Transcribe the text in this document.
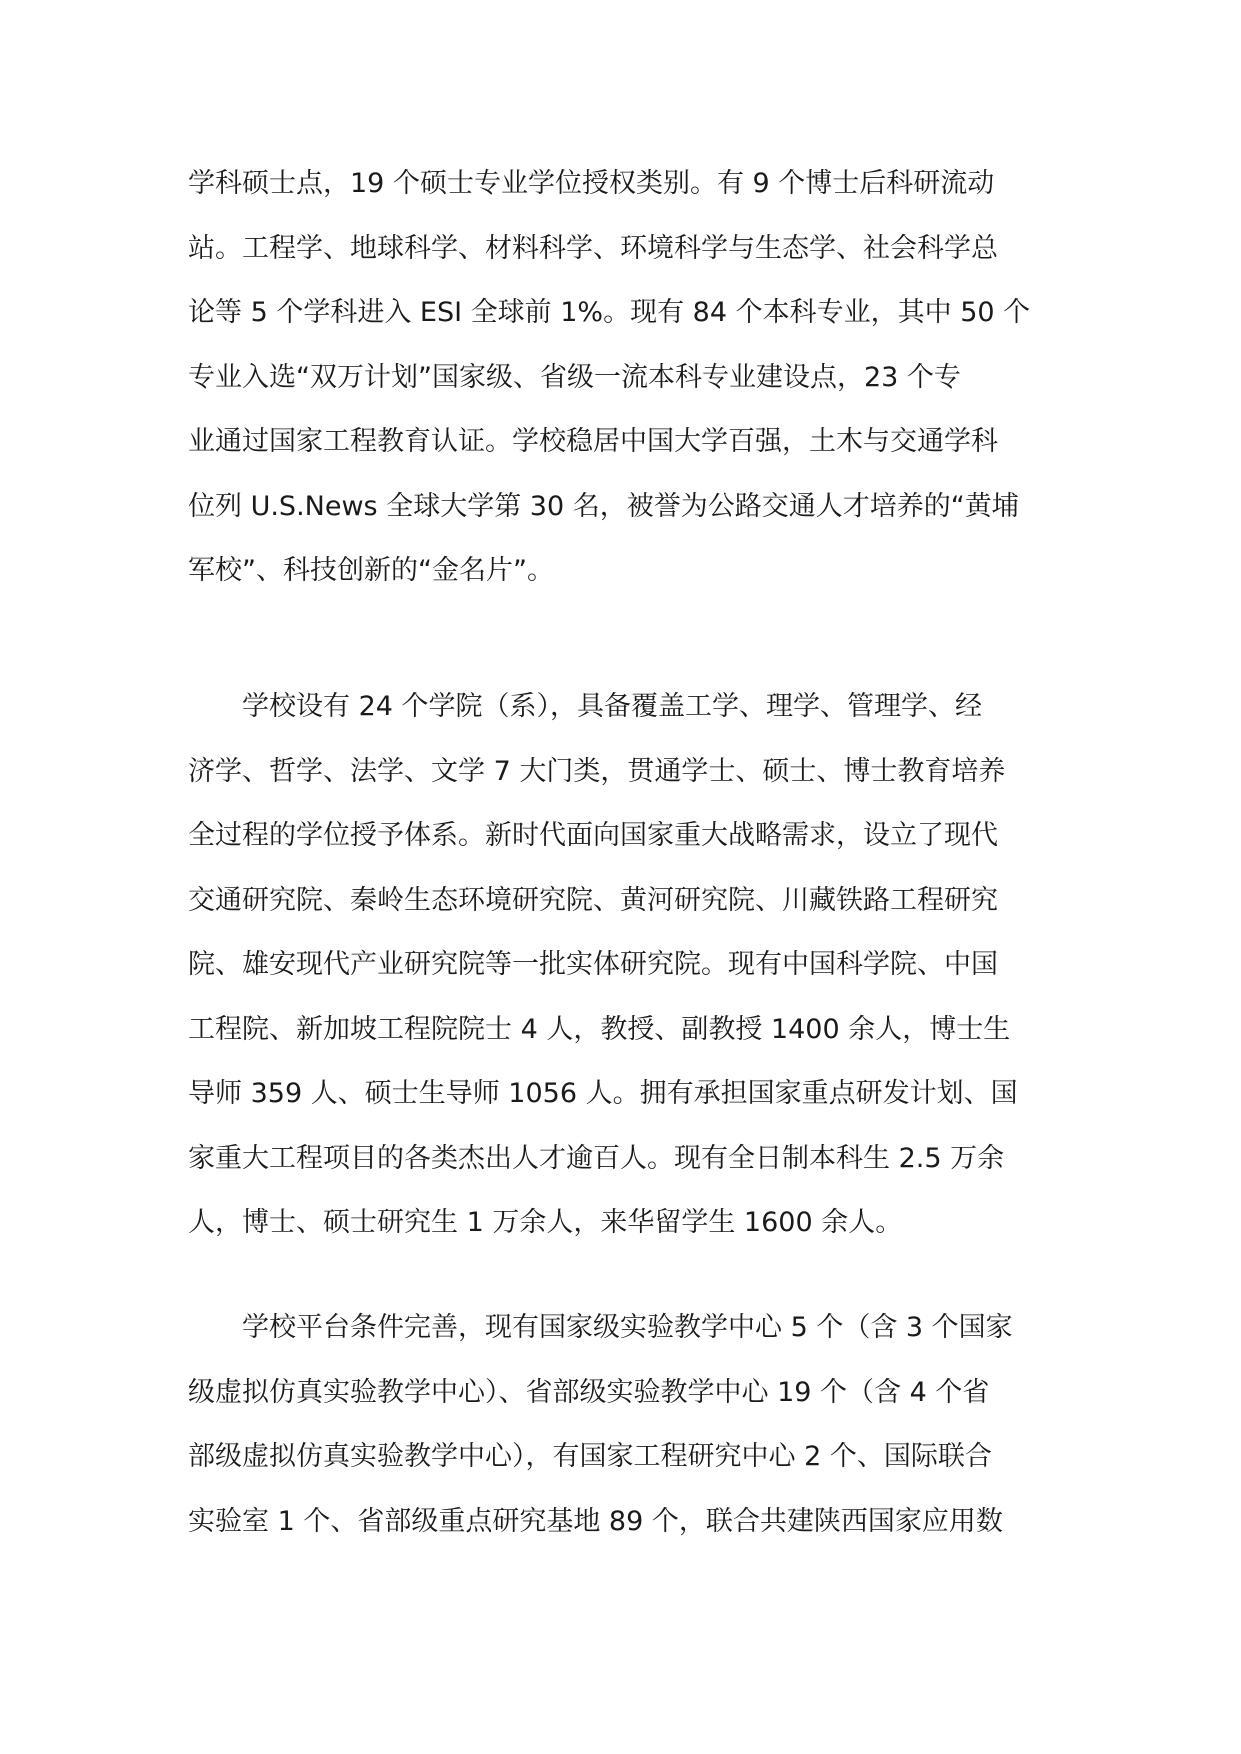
学科硕士点，19 个硕士专业学位授权类别。有 9 个博士后科研流动
站。工程学、地球科学、材料科学、环境科学与生态学、社会科学总
论等 5 个学科进入 ESI 全球前 1%。现有 84 个本科专业，其中 50 个
专业入选“双万计划”国家级、省级一流本科专业建设点，23 个专
业通过国家工程教育认证。学校稳居中国大学百强，土木与交通学科
位列 U.S.News 全球大学第 30 名，被誉为公路交通人才培养的“黄埔
军校”、科技创新的“金名片”。
　　学校设有 24 个学院（系），具备覆盖工学、理学、管理学、经
济学、哲学、法学、文学 7 大门类，贯通学士、硕士、博士教育培养
全过程的学位授予体系。新时代面向国家重大战略需求，设立了现代
交通研究院、秦岭生态环境研究院、黄河研究院、川藏铁路工程研究
院、雄安现代产业研究院等一批实体研究院。现有中国科学院、中国
工程院、新加坡工程院院士 4 人，教授、副教授 1400 余人，博士生
导师 359 人、硕士生导师 1056 人。拥有承担国家重点研发计划、国
家重大工程项目的各类杰出人才逾百人。现有全日制本科生 2.5 万余
人，博士、硕士研究生 1 万余人，来华留学生 1600 余人。
　　学校平台条件完善，现有国家级实验教学中心 5 个（含 3 个国家
级虚拟仿真实验教学中心）、省部级实验教学中心 19 个（含 4 个省
部级虚拟仿真实验教学中心），有国家工程研究中心 2 个、国际联合
实验室 1 个、省部级重点研究基地 89 个，联合共建陕西国家应用数
